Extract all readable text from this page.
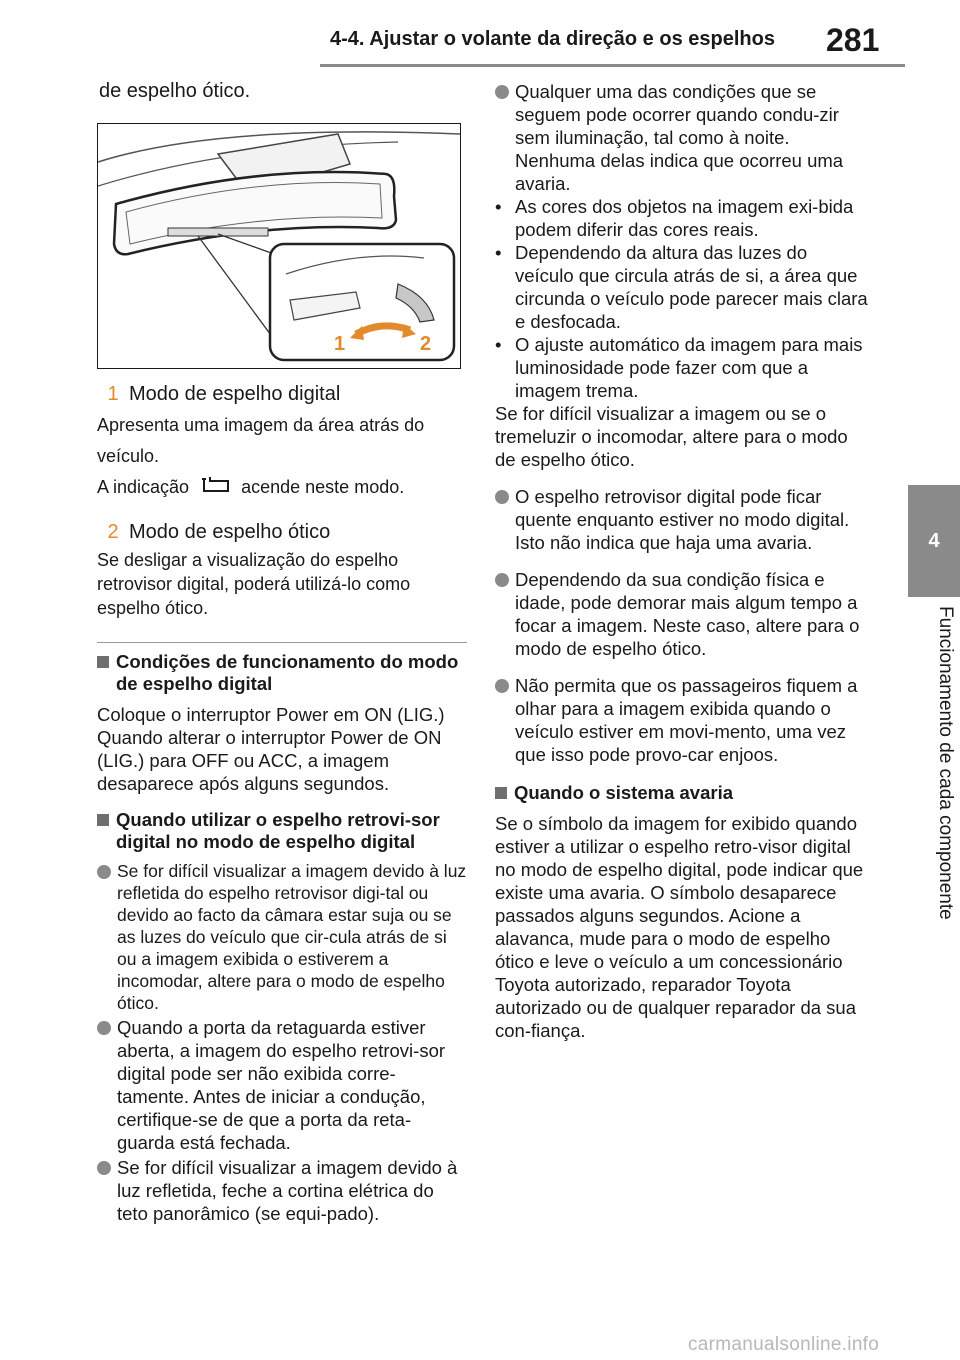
4-4. Ajustar o volante da direção e os espelhos 281
4
Funcionamento de cada componente

de espelho ótico.

1	2
1 Modo de espelho digital

Apresenta uma imagem da área atrás do veículo.

A indicação	acende neste modo.

2 Modo de espelho ótico
Se desligar a visualização do espelho retrovisor digital, poderá utilizá-lo como espelho ótico.
Condições de funcionamento do modo de espelho digital

Coloque o interruptor Power em ON (LIG.)

Quando alterar o interruptor Power de ON (LIG.) para OFF ou ACC, a imagem desaparece após alguns segundos.

Quando utilizar o espelho retrovi-sor digital no modo de espelho digital
Se for difícil visualizar a imagem devido à luz refletida do espelho retrovisor digi-tal ou devido ao facto da câmara estar suja ou se as luzes do veículo que cir-cula atrás de si ou a imagem exibida o estiverem a incomodar, altere para o modo de espelho ótico.
Quando a porta da retaguarda estiver aberta, a imagem do espelho retrovi-sor digital pode ser não exibida corre-tamente. Antes de iniciar a condução, certifique-se de que a porta da reta-guarda está fechada.
Se for difícil visualizar a imagem devido à luz refletida, feche a cortina elétrica do teto panorâmico (se equi-pado).
Qualquer uma das condições que se seguem pode ocorrer quando condu-zir sem iluminação, tal como à noite. Nenhuma delas indica que ocorreu uma avaria.
• As cores dos objetos na imagem exi-bida podem diferir das cores reais.
• Dependendo da altura das luzes do veículo que circula atrás de si, a área que circunda o veículo pode parecer mais clara e desfocada.
• O ajuste automático da imagem para mais luminosidade pode fazer com que a imagem trema.

Se for difícil visualizar a imagem ou se o tremeluzir o incomodar, altere para o modo de espelho ótico.

O espelho retrovisor digital pode ficar quente enquanto estiver no modo digital. Isto não indica que haja uma avaria.
Dependendo da sua condição física e idade, pode demorar mais algum tempo a focar a imagem. Neste caso, altere para o modo de espelho ótico.
Não permita que os passageiros fiquem a olhar para a imagem exibida quando o veículo estiver em movi-mento, uma vez que isso pode provo-car enjoos.
Quando o sistema avaria

Se o símbolo da imagem for exibido quando estiver a utilizar o espelho retro-visor digital no modo de espelho digital, pode indicar que existe uma avaria. O símbolo desaparece passados alguns segundos. Acione a alavanca, mude para o modo de espelho ótico e leve o veículo a um concessionário Toyota autorizado, reparador Toyota autorizado ou de qualquer reparador da sua con-fiança.

carmanualsonline.info
